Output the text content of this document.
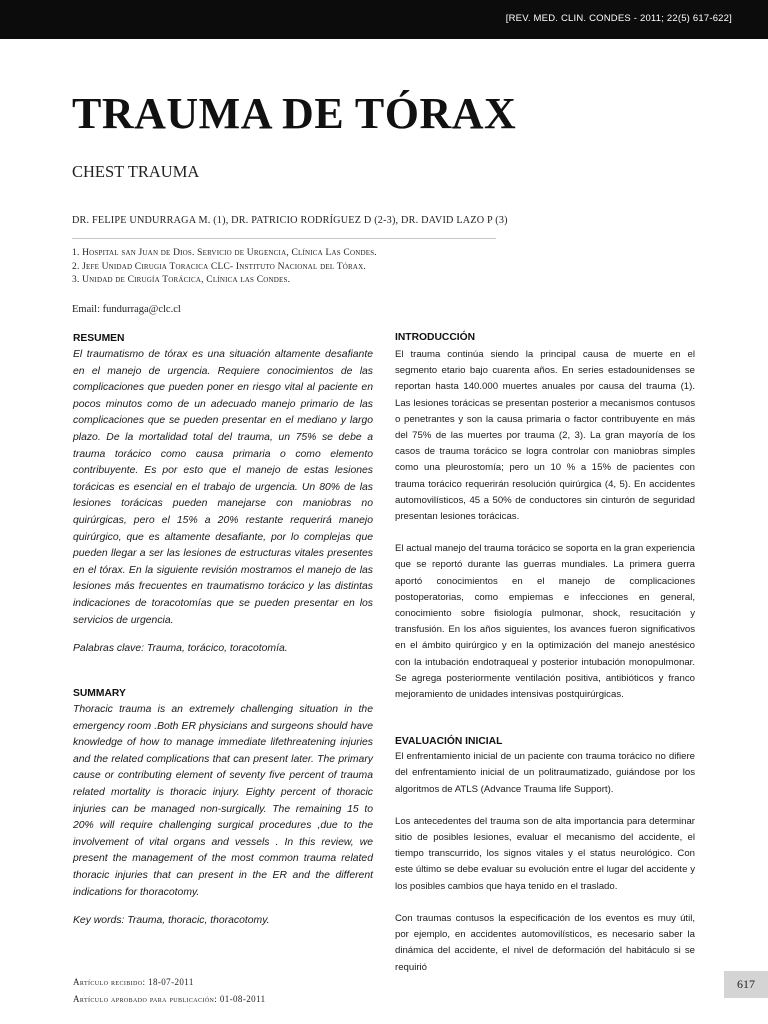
[REV. MED. CLIN. CONDES - 2011; 22(5) 617-622]
TRAUMA DE TÓRAX
CHEST TRAUMA
DR. FELIPE UNDURRAGA M. (1), DR. PATRICIO RODRÍGUEZ D (2-3), DR. DAVID LAZO P (3)
1. Hospital san Juan de Dios. Servicio de Urgencia, Clínica Las Condes.
2. Jefe Unidad Cirugia Toracica CLC- Instituto Nacional del Tórax.
3. Unidad de Cirugía Torácica, Clínica las Condes.
Email: fundurraga@clc.cl
RESUMEN

El traumatismo de tórax es una situación altamente desafiante en el manejo de urgencia. Requiere conocimientos de las complicaciones que pueden poner en riesgo vital al paciente en pocos minutos como de un adecuado manejo primario de las complicaciones que se pueden presentar en el mediano y largo plazo. De la mortalidad total del trauma, un 75% se debe a trauma torácico como causa primaria o como elemento contribuyente. Es por esto que el manejo de estas lesiones torácicas es esencial en el trabajo de urgencia. Un 80% de las lesiones torácicas pueden manejarse con maniobras no quirúrgicas, pero el 15% a 20% restante requerirá manejo quirúrgico, que es altamente desafiante, por lo complejas que pueden llegar a ser las lesiones de estructuras vitales presentes en el tórax. En la siguiente revisión mostramos el manejo de las lesiones más frecuentes en traumatismo torácico y las distintas indicaciones de toracotomías que se pueden presentar en los servicios de urgencia.

Palabras clave: Trauma, torácico, toracotomía.

SUMMARY

Thoracic trauma is an extremely challenging situation in the emergency room .Both ER physicians and surgeons should have knowledge of how to manage immediate lifethreatening injuries and the related complications that can present later. The primary cause or contributing element of seventy five percent of trauma related mortality is thoracic injury. Eighty percent of thoracic injuries can be managed non-surgically. The remaining 15 to 20% will require challenging surgical procedures ,due to the involvement of vital organs and vessels . In this review, we present the management of the most common trauma related thoracic injuries that can present in the ER and the different indications for thoracotomy.

Key words: Trauma, thoracic, thoracotomy.

INTRODUCCIÓN

El trauma continúa siendo la principal causa de muerte en el segmento etario bajo cuarenta años. En series estadounidenses se reportan hasta 140.000 muertes anuales por causa del trauma (1). Las lesiones torácicas se presentan posterior a mecanismos contusos o penetrantes y son la causa primaria o factor contribuyente en más del 75% de las muertes por trauma (2, 3). La gran mayoría de los casos de trauma torácico se logra controlar con maniobras simples como una pleurostomía; pero un 10 % a 15% de pacientes con trauma torácico requerirán resolución quirúrgica (4, 5). En accidentes automovilísticos, 45 a 50% de conductores sin cinturón de seguridad presentan lesiones torácicas.

El actual manejo del trauma torácico se soporta en la gran experiencia que se reportó durante las guerras mundiales. La primera guerra aportó conocimientos en el manejo de complicaciones postoperatorias, como empiemas e infecciones en general, conocimiento sobre fisiología pulmonar, shock, resucitación y transfusión. En los años siguientes, los avances fueron significativos en el ámbito quirúrgico y en la optimización del manejo anestésico con la intubación endotraqueal y posterior intubación monopulmonar. Se agrega posteriormente ventilación positiva, antibióticos y franco mejoramiento de unidades intensivas postquirúrgicas.

EVALUACIÓN INICIAL

El enfrentamiento inicial de un paciente con trauma torácico no difiere del enfrentamiento inicial de un politraumatizado, guiándose por los algoritmos de ATLS (Advance Trauma life Support).

Los antecedentes del trauma son de alta importancia para determinar sitio de posibles lesiones, evaluar el mecanismo del accidente, el tiempo transcurrido, los signos vitales y el status neurológico. Con este último se debe evaluar su evolución entre el lugar del accidente y los posibles cambios que haya tenido en el traslado.

Con traumas contusos la especificación de los eventos es muy útil, por ejemplo, en accidentes automovilísticos, es necesario saber la dinámica del accidente, el nivel de deformación del habitáculo si se requirió

Artículo recibido: 18-07-2011
Artículo aprobado para publicación: 01-08-2011
617
